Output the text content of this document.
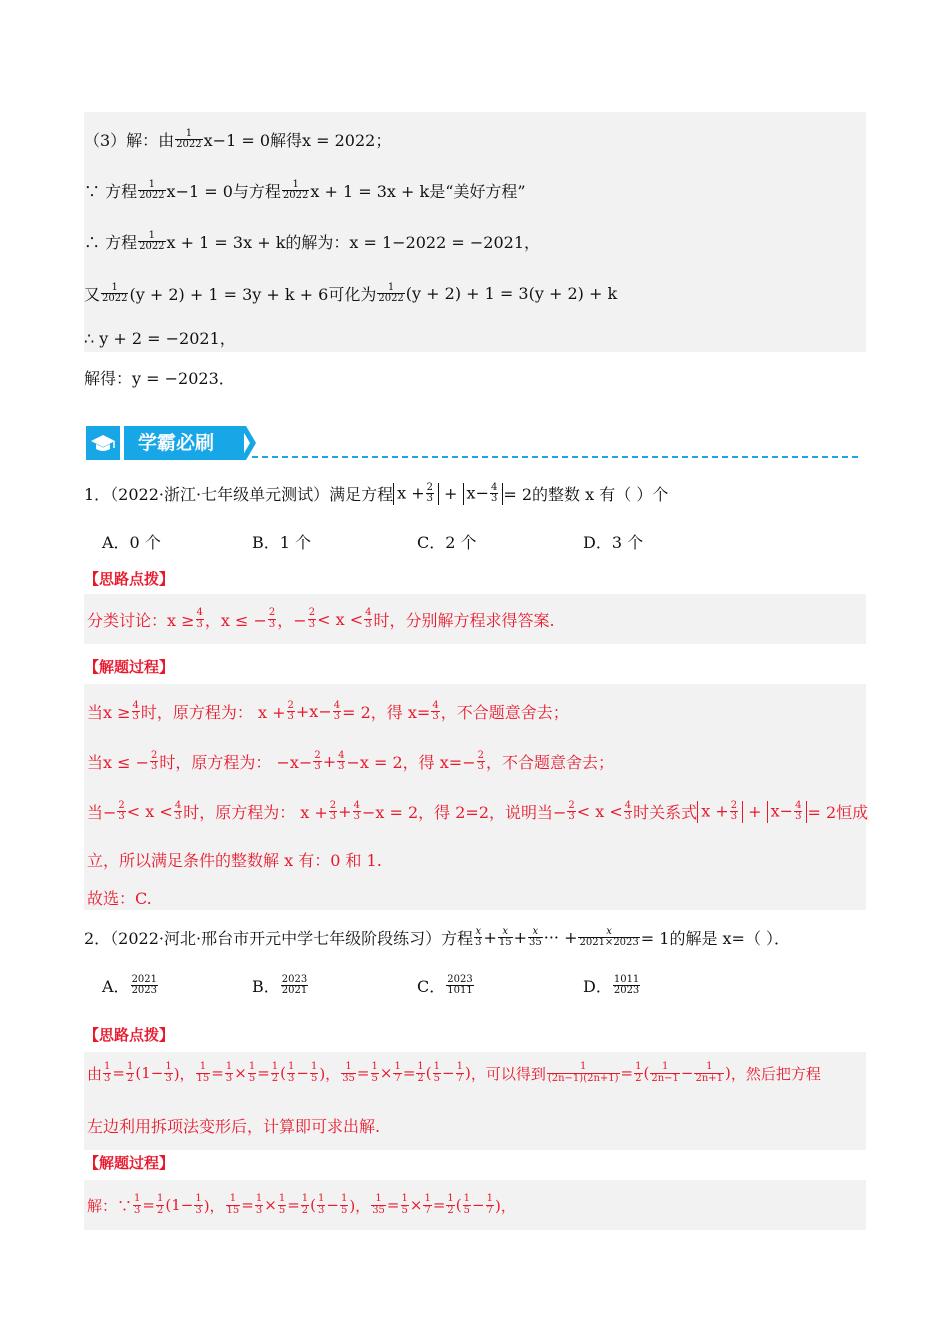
（3）解：由 $\frac{1}{2022} x-1 = 0$解得x = 2022；
∵ 方程 $\frac{1}{2022} x-1 = 0$与方程 $\frac{1}{2022}$ x + 1 = 3x + k是“美好方程”
∴ 方程 $\frac{1}{2022}$ x + 1 = 3x + k的解为：x = 1−2022 = −2021，
又 $\frac{1}{2022} (y + 2) + 1 = 3y + k + 6$可化为 $\frac{1}{2022} (y + 2) + 1 = 3(y + 2) + k$
∴ y + 2 = −2021，
解得：y = −2023．
学霸必刷
1．（2022·浙江·七年级单元测试）满足方程 $x + \frac{2}{3} + x- \frac{4}{3} = 2$的整数 x 有（ ）个
A．0 个	B．1 个	C．2 个	D．3 个
【思路点拨】
分类讨论：$x \ge \frac{4}{3}$ ，x ≤ − $\frac{2}{3}$ ，− $\frac{2}{3} < x < \frac{4}{3}$ 时，分别解方程求得答案.
【解题过程】
当$x \ge \frac{4}{3}$ 时，原方程为： $x + \frac{2}{3} +x- \frac{4}{3} = 2$，得 $x= \frac{4}{3}$ ，不合题意舍去；
当x ≤ − $\frac{2}{3}$ 时，原方程为： $-x- \frac{2}{3} + \frac{4}{3} -x = 2$，得 $x=- \frac{2}{3}$ ，不合题意舍去；
当− $\frac{2}{3} < x < \frac{4}{3}$ 时，原方程为： $x + \frac{2}{3} + \frac{4}{3} -x = 2$，得 2=2，说明当− $\frac{2}{3} < x < \frac{4}{3}$ 时关系式 $x + \frac{2}{3} + x- \frac{4}{3} = 2$恒成
立，所以满足条件的整数解 x 有：0 和 1.
故选：C.
2．（2022·河北·邢台市开元中学七年级阶段练习）方程 $\frac{x}{3} + \frac{x}{15} + \frac{x}{35}$ ··· + $\frac{x}{2021\times 2023} = 1$的解是 x=（ ）．
A． $\frac{2021}{2023}$	B． $\frac{2023}{2021}$	C． $\frac{2023}{1011}$	D． $\frac{1011}{2023}$
【思路点拨】
由 $\frac{1}{3} = \frac{1}{2} (1- \frac{1}{3}$ )， $\frac{1}{15} = \frac{1}{3} \times \frac{1}{5} = \frac{1}{2}$ ( $\frac{1}{3} - \frac{1}{5}$ )， $\frac{1}{35} = \frac{1}{5} \times \frac{1}{7} = \frac{1}{2}$ ( $\frac{1}{5} - \frac{1}{7}$ ) ，可以得到 $\frac{1}{(2n-1)(2n+1)} = \frac{1}{2}$ ( $\frac{1}{2n-1} - \frac{1}{2n+1}$ ) ，然后把方程
左边利用拆项法变形后，计算即可求出解.
【解题过程】
解：∵ $\frac{1}{3} = \frac{1}{2} (1- \frac{1}{3}$ )， $\frac{1}{15} = \frac{1}{3} \times \frac{1}{5} = \frac{1}{2}$ ( $\frac{1}{3} - \frac{1}{5}$ )， $\frac{1}{35} = \frac{1}{5} \times \frac{1}{7} = \frac{1}{2}$ ( $\frac{1}{5} - \frac{1}{7}$ )，
